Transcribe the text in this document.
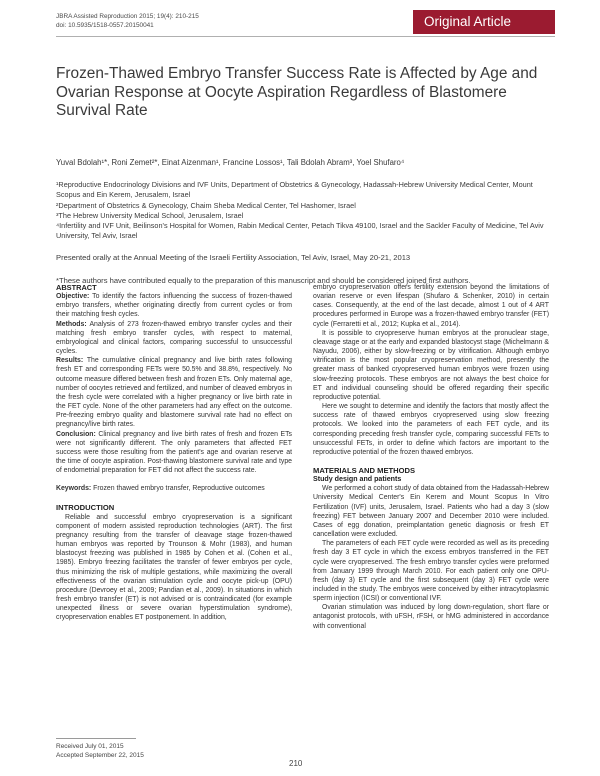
JBRA Assisted Reproduction 2015; 19(4): 210-215
doi: 10.5935/1518-0557.20150041	Original Article
Frozen-Thawed Embryo Transfer Success Rate is Affected by Age and Ovarian Response at Oocyte Aspiration Regardless of Blastomere Survival Rate
Yuval Bdolah¹*, Roni Zemet²*, Einat Aizenman¹, Francine Lossos¹, Tali Bdolah Abram³, Yoel Shufaro⁴
¹Reproductive Endocrinology Divisions and IVF Units, Department of Obstetrics & Gynecology, Hadassah-Hebrew University Medical Center, Mount Scopus and Ein Kerem, Jerusalem, Israel
²Department of Obstetrics & Gynecology, Chaim Sheba Medical Center, Tel Hashomer, Israel
³The Hebrew University Medical School, Jerusalem, Israel
⁴Infertility and IVF Unit, Beilinson's Hospital for Women, Rabin Medical Center, Petach Tikva 49100, Israel and the Sackler Faculty of Medicine, Tel Aviv University, Tel Aviv, Israel
Presented orally at the Annual Meeting of the Israeli Fertility Association, Tel Aviv, Israel, May 20-21, 2013
*These authors have contributed equally to the preparation of this manuscript and should be considered joined first authors.

ABSTRACT

Objective: To identify the factors influencing the success of frozen-thawed embryo transfers, whether originating directly from current cycles or from their matching fresh cycles.

Methods: Analysis of 273 frozen-thawed embryo transfer cycles and their matching fresh embryo transfer cycles, with respect to maternal, embryological and clinical factors, comparing successful to unsuccessful cycles.

Results: The cumulative clinical pregnancy and live birth rates following fresh ET and corresponding FETs were 50.5% and 38.8%, respectively. No outcome measure differed between fresh and frozen ETs. Only maternal age, number of oocytes retrieved and fertilized, and number of cleaved embryos in the fresh cycle were correlated with a higher pregnancy or live birth rate in the FET cycle. None of the other parameters had any effect on the outcome. Pre-freezing embryo quality and blastomere survival rate had no effect on pregnancy/live birth rates.

Conclusion: Clinical pregnancy and live birth rates of fresh and frozen ETs were not significantly different. The only parameters that affected FET success were those resulting from the patient's age and ovarian reserve at the time of oocyte aspiration. Post-thawing blastomere survival rate and type of endometrial preparation for FET did not affect the success rate.

Keywords: Frozen thawed embryo transfer, Reproductive outcomes

INTRODUCTION

Reliable and successful embryo cryopreservation is a significant component of modern assisted reproduction technologies (ART). The first pregnancy resulting from the transfer of cleavage stage frozen-thawed human embryos was reported by Trounson & Mohr (1983), and human blastocyst freezing was published in 1985 by Cohen et al. (Cohen et al., 1985). Embryo freezing facilitates the transfer of fewer embryos per cycle, thus minimizing the risk of multiple gestations, while maximizing the overall effectiveness of the ovarian stimulation cycle and oocyte pick-up (OPU) procedure (Devroey et al., 2009; Pandian et al., 2009). In situations in which fresh embryo transfer (ET) is not advised or is contraindicated (for example unexpected illness or severe ovarian hyperstimulation syndrome), cryopreservation enables ET postponement. In addition,

embryo cryopreservation offers fertility extension beyond the limitations of ovarian reserve or even lifespan (Shufaro & Schenker, 2010) in certain cases. Consequently, at the end of the last decade, almost 1 out of 4 ART procedures performed in Europe was a frozen-thawed embryo transfer (FET) cycle (Ferraretti et al., 2012; Kupka et al., 2014).

It is possible to cryopreserve human embryos at the pronuclear stage, cleavage stage or at the early and expanded blastocyst stage (Michelmann & Nayudu, 2006), either by slow-freezing or by vitrification. Although embryo vitrification is the most popular cryopreservation method, presently the greater mass of banked cryopreserved human embryos were frozen using slow-freezing protocols. These embryos are not always the best choice for ET and individual counseling should be offered regarding their specific reproductive potential.

Here we sought to determine and identify the factors that mostly affect the success rate of thawed embryos cryopreserved using slow freezing protocols. We looked into the parameters of each FET cycle, and its corresponding preceding fresh transfer cycle, comparing successful FETs to unsuccessful FETs, in order to define which factors are important to the reproductive potential of the frozen thawed embryos.

MATERIALS AND METHODS

Study design and patients

We performed a cohort study of data obtained from the Hadassah-Hebrew University Medical Center's Ein Kerem and Mount Scopus In Vitro Fertilization (IVF) units, Jerusalem, Israel. Patients who had a day 3 (slow freezing) FET between January 2007 and December 2010 were included. Cases of egg donation, preimplantation genetic diagnosis or fresh ET cancellation were excluded.

The parameters of each FET cycle were recorded as well as its preceding fresh day 3 ET cycle in which the excess embryos transferred in the FET cycle were cryopreserved. The fresh embryo transfer cycles were preformed from January 1999 through March 2010. For each patient only one OPU-fresh (day 3) ET cycle and the first subsequent (day 3) FET cycle were included in the study. The embryos were conceived by either intracytoplasmic sperm injection (ICSI) or conventional IVF.

Ovarian stimulation was induced by long down-regulation, short flare or antagonist protocols, with uFSH, rFSH, or hMG administered in accordance with conventional

Received July 01, 2015
Accepted September 22, 2015
210
